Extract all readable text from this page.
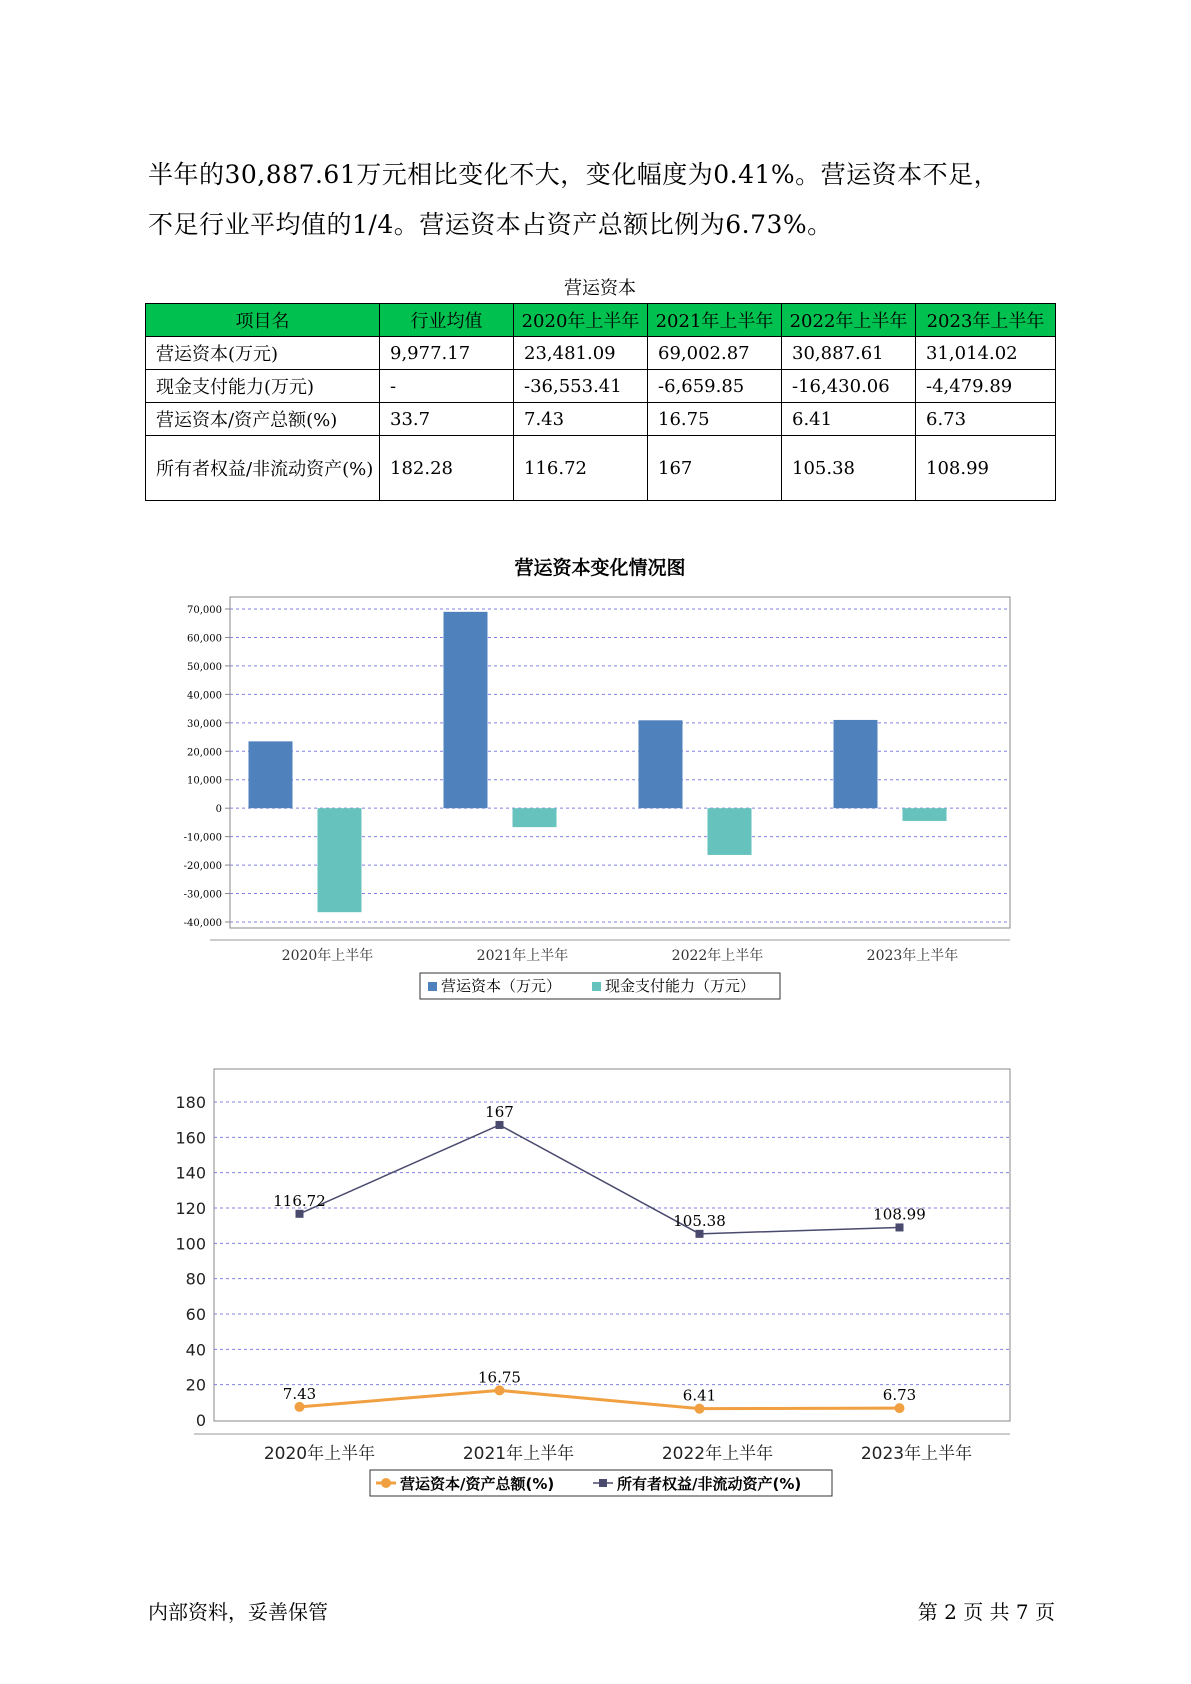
半年的30,887.61万元相比变化不大，变化幅度为0.41%。营运资本不足，

不足行业平均值的1/4。营运资本占资产总额比例为6.73%。

营运资本
项目名	行业均值	2020年上半年	2021年上半年	2022年上半年	2023年上半年
营运资本(万元)	9,977.17	23,481.09	69,002.87	30,887.61	31,014.02
现金支付能力(万元)	-	-36,553.41	-6,659.85	-16,430.06	-4,479.89
营运资本/资产总额(%)	33.7	7.43	16.75	6.41	6.73
所有者权益/非流动资产(%)	182.28	116.72	167	105.38	108.99
营运资本变化情况图
70,000
60,000
50,000
40,000
30,000
20,000
10,000
0
-10,000
-20,000
-30,000
-40,000
2020年上半年	2021年上半年	2022年上半年	2023年上半年
营运资本（万元）	现金支付能力（万元）
0
20
40
60
80
100
120
140
160
180
2020年上半年	2021年上半年	2022年上半年	2023年上半年
7.43
16.75
6.41	6.73
116.72
167
105.38	108.99
营运资本/资产总额(%)	所有者权益/非流动资产(%)
内部资料，妥善保管	第 2 页 共 7 页
